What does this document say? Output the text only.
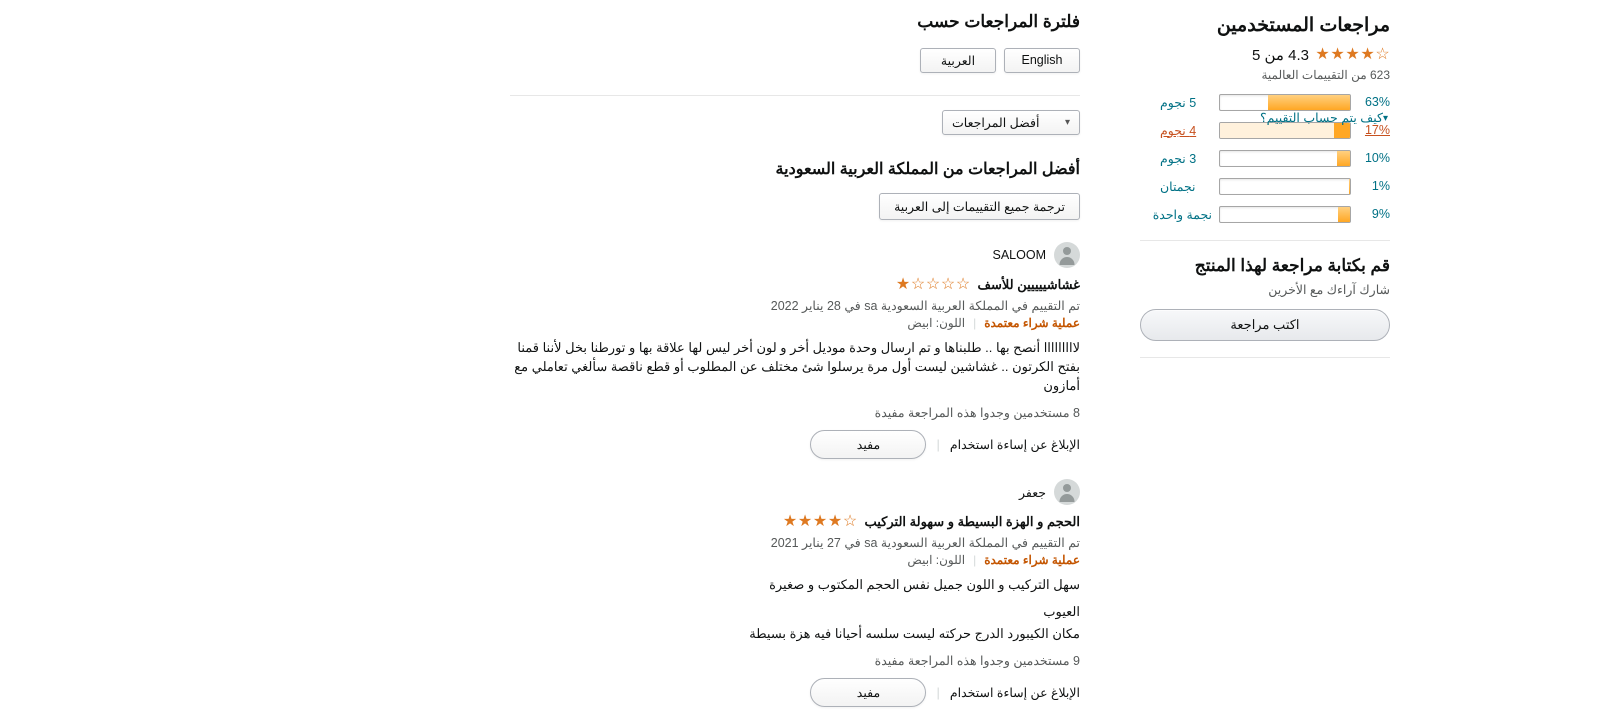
فلترة المراجعات حسب
English
العربية
▾
أفضل المراجعات
أفضل المراجعات من المملكة العربية السعودية
ترجمة جميع التقييمات إلى العربية
SALOOM
غشاشييييين للأسف
☆
☆
☆
☆
★
تم التقييم في المملكة العربية السعودية sa في 28 يناير 2022
عملية شراء معتمدة
|
اللون: ابيض

لااااااااا أنصح بها .. طلبناها و تم ارسال وحدة موديل أخر و لون أخر ليس لها علاقة بها و تورطنا بخل لأننا قمنا بفتح الكرتون .. غشاشين ليست أول مرة يرسلوا شئ مختلف عن المطلوب أو قطع ناقصة سألغي تعاملي مع أمازون

8 مستخدمين وجدوا هذه المراجعة مفيدة
الإبلاغ عن إساءة استخدام
|
مفيد
جعفر
الحجم و الهزة البسيطة و سهولة التركيب
☆
★
★
★
★
تم التقييم في المملكة العربية السعودية sa في 27 يناير 2021
عملية شراء معتمدة
|
اللون: ابيض

سهل التركيب و اللون جميل نفس الحجم المكتوب و صغيرة

العيوب

مكان الكيبورد الدرج حركته ليست سلسه أحيانا فيه هزة بسيطة

9 مستخدمين وجدوا هذه المراجعة مفيدة
الإبلاغ عن إساءة استخدام
|
مفيد
مراجعات المستخدمين
☆
★
★
★
★
4.3 من 5
623 من التقييمات العالمية
63%
5 نجوم
17%
4 نجوم
10%
3 نجوم
1%
نجمتان
9%
نجمة واحدة
▾كيف يتم حساب التقييم؟
قم بكتابة مراجعة لهذا المنتج
شارك آراءك مع الأخرين
اكتب مراجعة
